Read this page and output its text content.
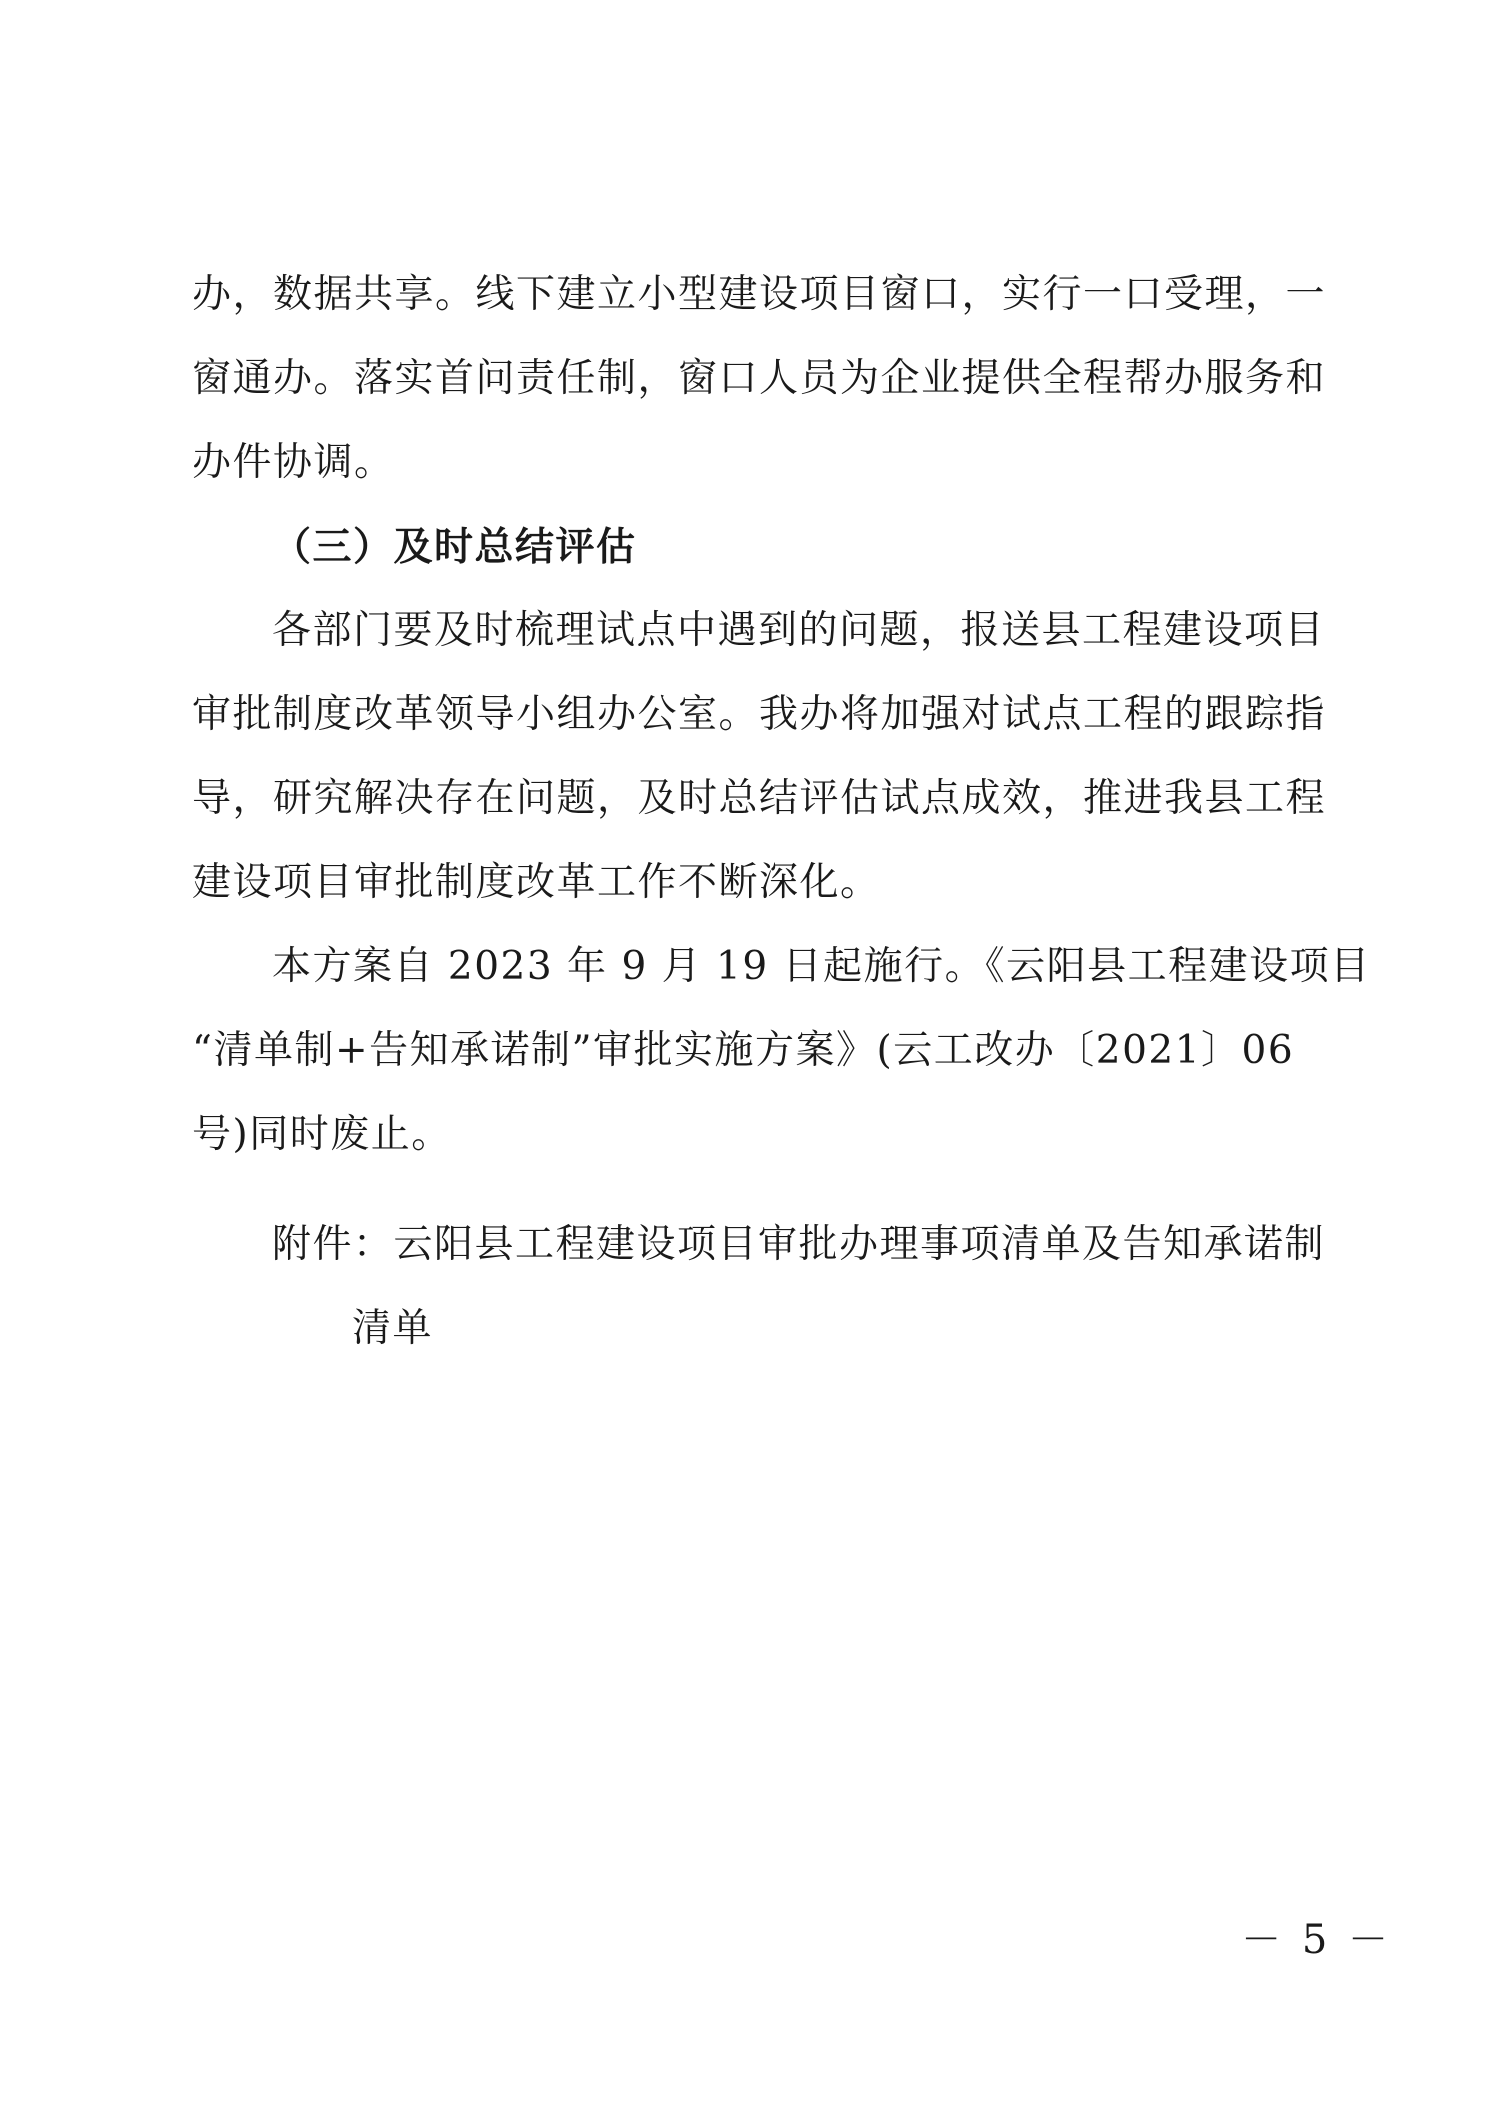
办，数据共享。线下建立小型建设项目窗口，实行一口受理，一
窗通办。落实首问责任制，窗口人员为企业提供全程帮办服务和
办件协调。
（三）及时总结评估
各部门要及时梳理试点中遇到的问题，报送县工程建设项目
审批制度改革领导小组办公室。我办将加强对试点工程的跟踪指
导，研究解决存在问题，及时总结评估试点成效，推进我县工程
建设项目审批制度改革工作不断深化。
本方案自 2023 年 9 月 19 日起施行。《云阳县工程建设项目
“清单制+告知承诺制”审批实施方案》(云工改办〔2021〕06
号)同时废止。
附件：云阳县工程建设项目审批办理事项清单及告知承诺制
清单
－ 5 －
